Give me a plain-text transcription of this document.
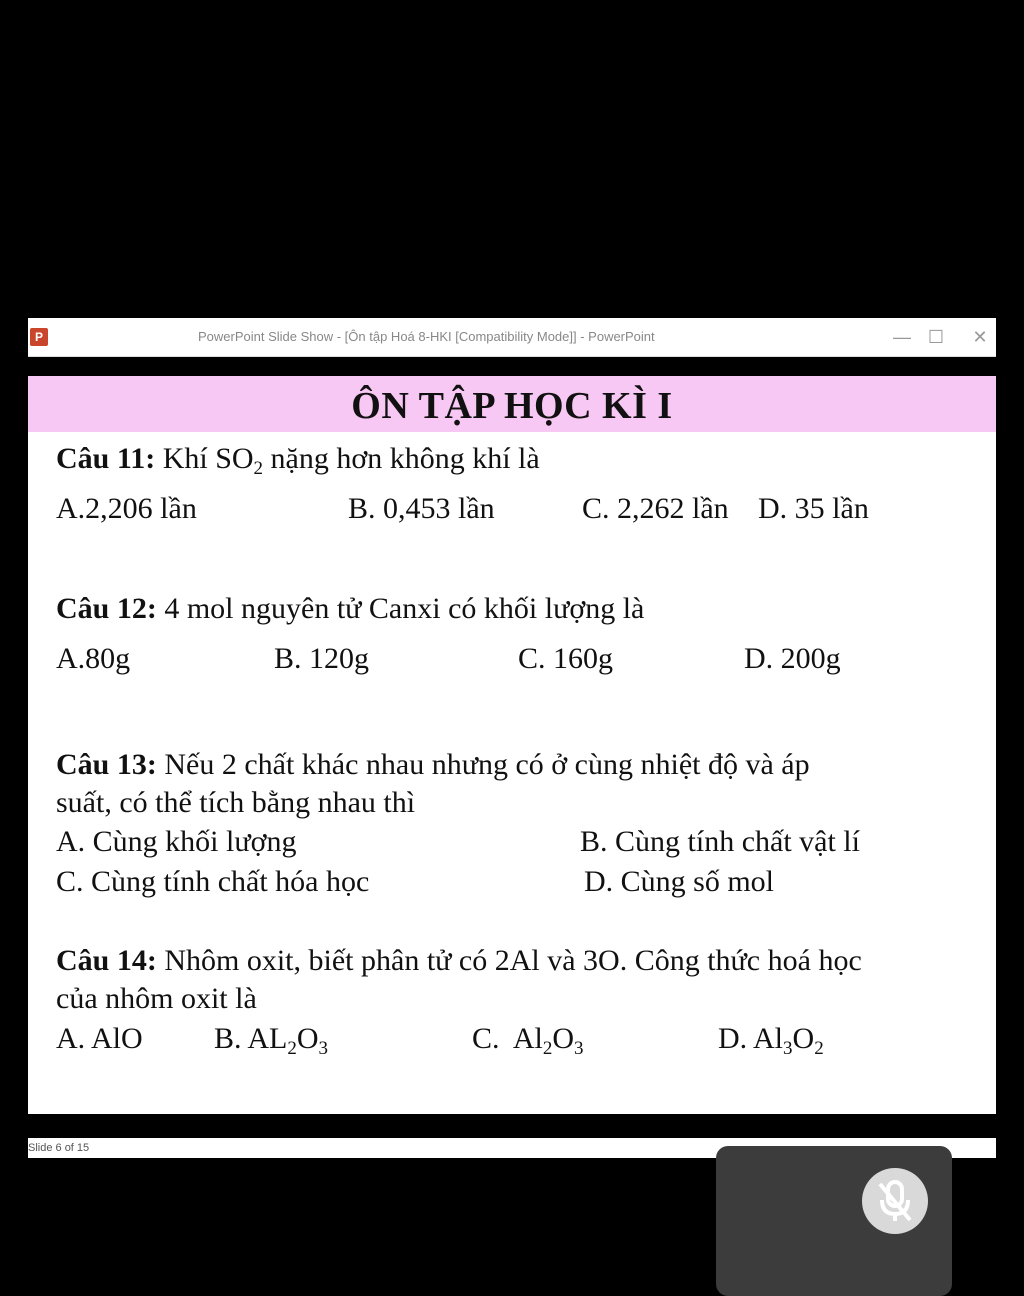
P	PowerPoint Slide Show - [Ôn tập Hoá 8-HKI [Compatibility Mode]] - PowerPoint	— ☐ ✕
ÔN TẬP HỌC KÌ I
Câu 11: Khí $SO_2$ nặng hơn không khí là
A.2,206 lần	B. 0,453 lần	C. 2,262 lần D. 35 lần
Câu 12: 4 mol nguyên tử Canxi có khối lượng là
A.80g	B. 120g	C. 160g	D. 200g
Câu 13: Nếu 2 chất khác nhau nhưng có ở cùng nhiệt độ và áp
suất, có thể tích bằng nhau thì
A. Cùng khối lượng	B. Cùng tính chất vật lí
C. Cùng tính chất hóa học	D. Cùng số mol
Câu 14: Nhôm oxit, biết phân tử có 2Al và 3O. Công thức hoá học
của nhôm oxit là
A. AlO B. $AL_2O_3$	C.  $Al_2O_3$	D. $Al_3O_2$
Slide 6 of 15
